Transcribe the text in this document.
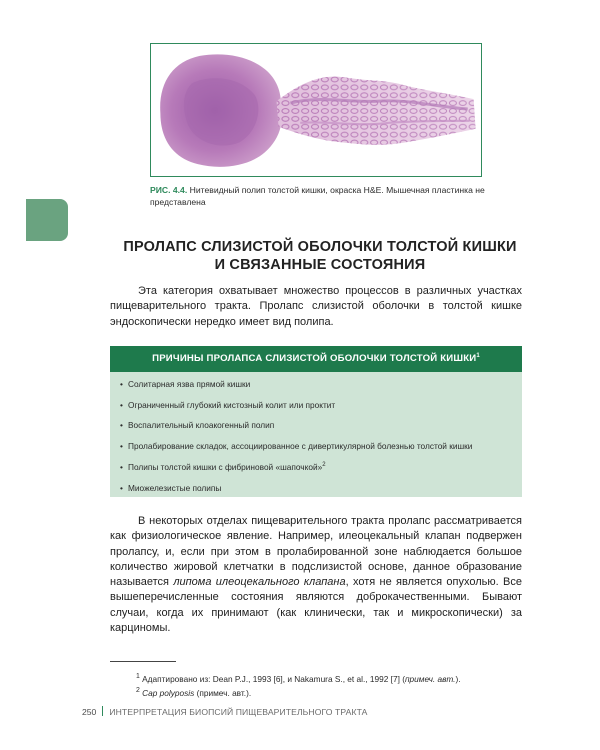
РИС. 4.4. Нитевидный полип толстой кишки, окраска H&E. Мышечная пластинка не представлена
ПРОЛАПС СЛИЗИСТОЙ ОБОЛОЧКИ ТОЛСТОЙ КИШКИ
И СВЯЗАННЫЕ СОСТОЯНИЯ

Эта категория охватывает множество процессов в различных участках пищеварительного тракта. Пролапс слизистой оболочки в толстой кишке эндоскопически нередко имеет вид полипа.

ПРИЧИНЫ ПРОЛАПСА СЛИЗИСТОЙ ОБОЛОЧКИ ТОЛСТОЙ КИШКИ$^1$
• Солитарная язва прямой кишки
• Ограниченный глубокий кистозный колит или проктит
• Воспалительный клоакогенный полип
• Пролабирование складок, ассоциированное с дивертикулярной болезнью толстой кишки
• Полипы толстой кишки с фибриновой «шапочкой»$^2$
• Миожелезистые полипы

В некоторых отделах пищеварительного тракта пролапс рассматривается как физиологическое явление. Например, илеоцекальный клапан подвержен пролапсу, и, если при этом в пролабированной зоне наблюдается большое количество жировой клетчатки в подслизистой основе, данное образование называется липома илеоцекального клапана, хотя не является опухолью. Все вышеперечисленные состояния являются доброкачественными. Бывают случаи, когда их принимают (как клинически, так и микроскопически) за карциномы.

$^1$ Адаптировано из: Dean P.J., 1993 [6], и Nakamura S., et al., 1992 [7] (примеч. авт.).
$^2$ Cap polyposis (примеч. авт.).
250 ИНТЕРПРЕТАЦИЯ БИОПСИЙ ПИЩЕВАРИТЕЛЬНОГО ТРАКТА
